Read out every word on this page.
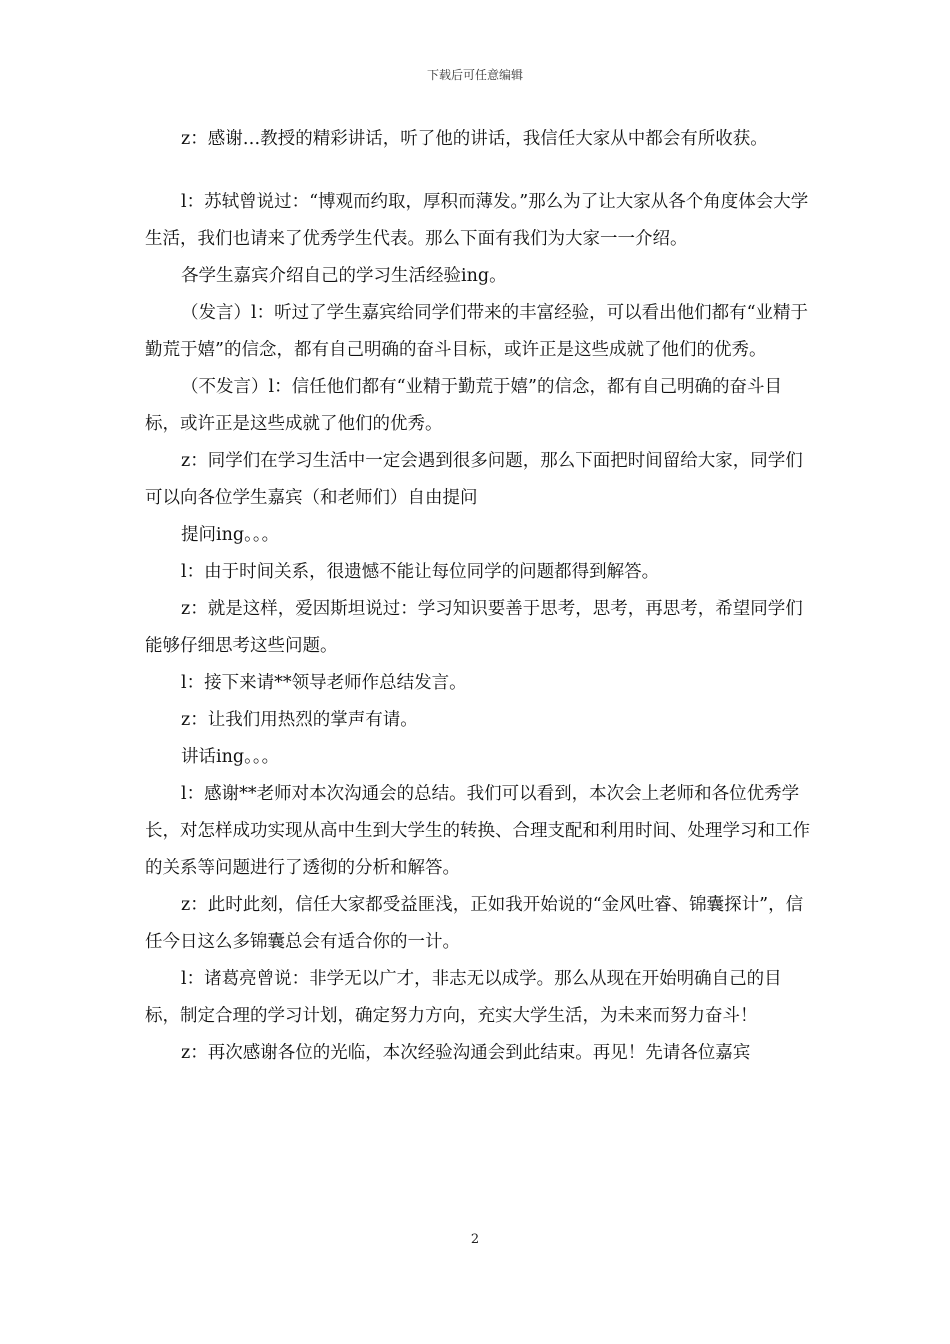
下载后可任意编辑

z：感谢…教授的精彩讲话，听了他的讲话，我信任大家从中都会有所收获。

l：苏轼曾说过：“博观而约取，厚积而薄发。”那么为了让大家从各个角度体会大学生活，我们也请来了优秀学生代表。那么下面有我们为大家一一介绍。

各学生嘉宾介绍自己的学习生活经验ing。

（发言）l：听过了学生嘉宾给同学们带来的丰富经验，可以看出他们都有“业精于勤荒于嬉”的信念，都有自己明确的奋斗目标，或许正是这些成就了他们的优秀。

（不发言）l：信任他们都有“业精于勤荒于嬉”的信念，都有自己明确的奋斗目标，或许正是这些成就了他们的优秀。

z：同学们在学习生活中一定会遇到很多问题，那么下面把时间留给大家，同学们可以向各位学生嘉宾（和老师们）自由提问

提问ing。。。

l：由于时间关系，很遗憾不能让每位同学的问题都得到解答。

z：就是这样，爱因斯坦说过：学习知识要善于思考，思考，再思考，希望同学们能够仔细思考这些问题。

l：接下来请**领导老师作总结发言。

z：让我们用热烈的掌声有请。

讲话ing。。。

l：感谢**老师对本次沟通会的总结。我们可以看到，本次会上老师和各位优秀学长，对怎样成功实现从高中生到大学生的转换、合理支配和利用时间、处理学习和工作的关系等问题进行了透彻的分析和解答。

z：此时此刻，信任大家都受益匪浅，正如我开始说的“金风吐睿、锦囊探计”，信任今日这么多锦囊总会有适合你的一计。

l：诸葛亮曾说：非学无以广才，非志无以成学。那么从现在开始明确自己的目标，制定合理的学习计划，确定努力方向，充实大学生活，为未来而努力奋斗！

z：再次感谢各位的光临，本次经验沟通会到此结束。再见！先请各位嘉宾

2
